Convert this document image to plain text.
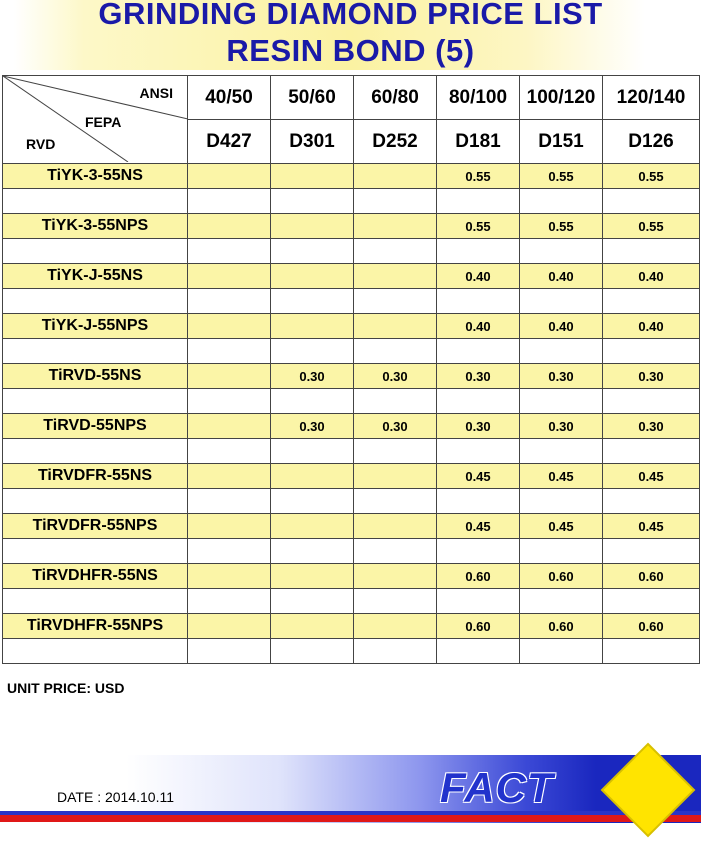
GRINDING DIAMOND PRICE LIST
RESIN BOND (5)
ANSI
FEPA
RVD	40/50	50/60	60/80	80/100	100/120	120/140
	D427	D301	D252	D181	D151	D126
TiYK-3-55NS				0.55	0.55	0.55

TiYK-3-55NPS				0.55	0.55	0.55

TiYK-J-55NS				0.40	0.40	0.40

TiYK-J-55NPS				0.40	0.40	0.40

TiRVD-55NS		0.30	0.30	0.30	0.30	0.30

TiRVD-55NPS		0.30	0.30	0.30	0.30	0.30

TiRVDFR-55NS				0.45	0.45	0.45

TiRVDFR-55NPS				0.45	0.45	0.45

TiRVDHFR-55NS				0.60	0.60	0.60

TiRVDHFR-55NPS				0.60	0.60	0.60

UNIT PRICE: USD
DATE : 2014.10.11	FACT
